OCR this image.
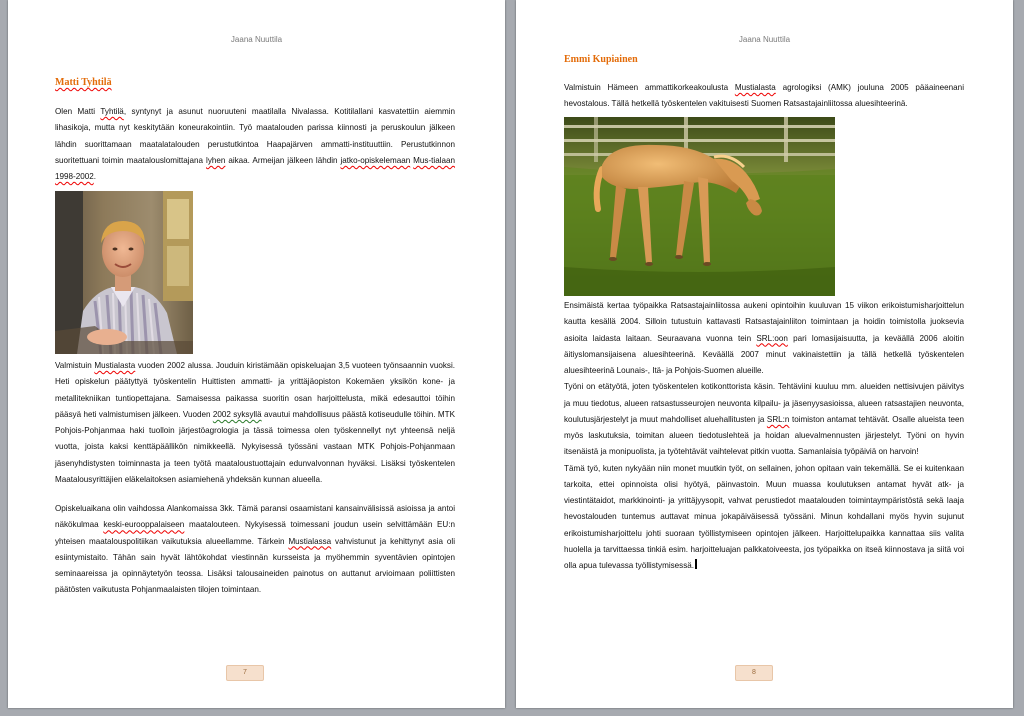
Jaana Nuuttila
Matti Tyhtilä

Olen Matti Tyhtilä, syntynyt ja asunut nuoruuteni maatilalla Nivalassa. Kotitilallani kasvatettiin aiemmin lihasikoja, mutta nyt keskitytään koneurakointiin. Työ maatalouden parissa kiinnosti ja peruskoulun jälkeen lähdin suorittamaan maatalatalouden perustutkintoa Haapajärven ammatti-instituuttiin. Perustutkinnon suoritettuani toimin maatalouslomittajana lyhen aikaa. Armeijan jälkeen lähdin jatko-opiskelemaan Mus-tialaan 1998-2002.

Valmistuin Mustialasta vuoden 2002 alussa. Jouduin kiristämään opiskeluajan 3,5 vuoteen työnsaannin vuoksi. Heti opiskelun päätyttyä työskentelin Huittisten ammatti- ja yrittäjäopiston Kokemäen yksikön kone- ja metallitekniikan tuntiopettajana. Samaisessa paikassa suoritin osan harjoittelusta, mikä edesauttoi töihin pääsyä heti valmistumisen jälkeen. Vuoden 2002 syksyllä avautui mahdollisuus päästä kotiseudulle töihin. MTK Pohjois-Pohjanmaa haki tuolloin järjestöagrologia ja tässä toimessa olen työskennellyt nyt yhteensä neljä vuotta, joista kaksi kenttäpäällikön nimikkeellä. Nykyisessä työssäni vastaan MTK Pohjois-Pohjanmaan jäsenyhdistysten toiminnasta ja teen työtä maataloustuottajain edunvalvonnan hyväksi. Lisäksi työskentelen Maatalousyrittäjien eläkelaitoksen asiamiehenä yhdeksän kunnan alueella.

Opiskeluaikana olin vaihdossa Alankomaissa 3kk. Tämä paransi osaamistani kansainvälisissä asioissa ja antoi näkökulmaa keski-eurooppalaiseen maatalouteen. Nykyisessä toimessani joudun usein selvittämään EU:n yhteisen maatalouspolitiikan vaikutuksia alueellamme. Tärkein Mustialassa vahvistunut ja kehittynyt asia oli esiintymistaito. Tähän sain hyvät lähtökohdat viestinnän kursseista ja myöhemmin syventävien opintojen seminaareissa ja opinnäytetyön teossa. Lisäksi talousaineiden painotus on auttanut arvioimaan poliittisten päätösten vaikutusta Pohjanmaalaisten tilojen toimintaan.

7
Jaana Nuuttila
Emmi Kupiainen

Valmistuin Hämeen ammattikorkeakoulusta Mustialasta agrologiksi (AMK) jouluna 2005 pääaineenani hevostalous. Tällä hetkellä työskentelen vakituisesti Suomen Ratsastajainliitossa aluesihteerinä.

Ensimäistä kertaa työpaikka Ratsastajainliitossa aukeni opintoihin kuuluvan 15 viikon erikoistumisharjoittelun kautta kesällä 2004. Silloin tutustuin kattavasti Ratsastajainliiton toimintaan ja hoidin toimistolla juoksevia asioita laidasta laitaan. Seuraavana vuonna tein SRL:oon pari lomasijaisuutta, ja keväällä 2006 aloitin äitiyslomansijaisena aluesihteerinä. Keväällä 2007 minut vakinaistettiin ja tällä hetkellä työskentelen aluesihteerinä Lounais-, Itä- ja Pohjois-Suomen alueille.

Työni on etätyötä, joten työskentelen kotikonttorista käsin. Tehtäviini kuuluu mm. alueiden nettisivujen päivitys ja muu tiedotus, alueen ratsastusseurojen neuvonta kilpailu- ja jäsenyysasioissa, alueen ratsastajien neuvonta, koulutusjärjestelyt ja muut mahdolliset aluehallitusten ja SRL:n toimiston antamat tehtävät. Osalle alueista teen myös laskutuksia, toimitan alueen tiedotuslehteä ja hoidan aluevalmennusten järjestelyt. Työni on hyvin itsenäistä ja monipuolista, ja työtehtävät vaihtelevat pitkin vuotta. Samanlaisia työpäiviä on harvoin!

Tämä työ, kuten nykyään niin monet muutkin työt, on sellainen, johon opitaan vain tekemällä. Se ei kuitenkaan tarkoita, ettei opinnoista olisi hyötyä, päinvastoin. Muun muassa koulutuksen antamat hyvät atk- ja viestintätaidot, markkinointi- ja yrittäjyysopit, vahvat perustiedot maatalouden toimintaympäristöstä sekä laaja hevostalouden tuntemus auttavat minua jokapäiväisessä työssäni. Minun kohdallani myös hyvin sujunut erikoistumisharjoittelu johti suoraan työllistymiseen opintojen jälkeen. Harjoittelupaikka kannattaa siis valita huolella ja tarvittaessa tinkiä esim. harjoitteluajan palkkatoiveesta, jos työpaikka on itseä kiinnostava ja siitä voi olla apua tulevassa työllistymisessä.

8
